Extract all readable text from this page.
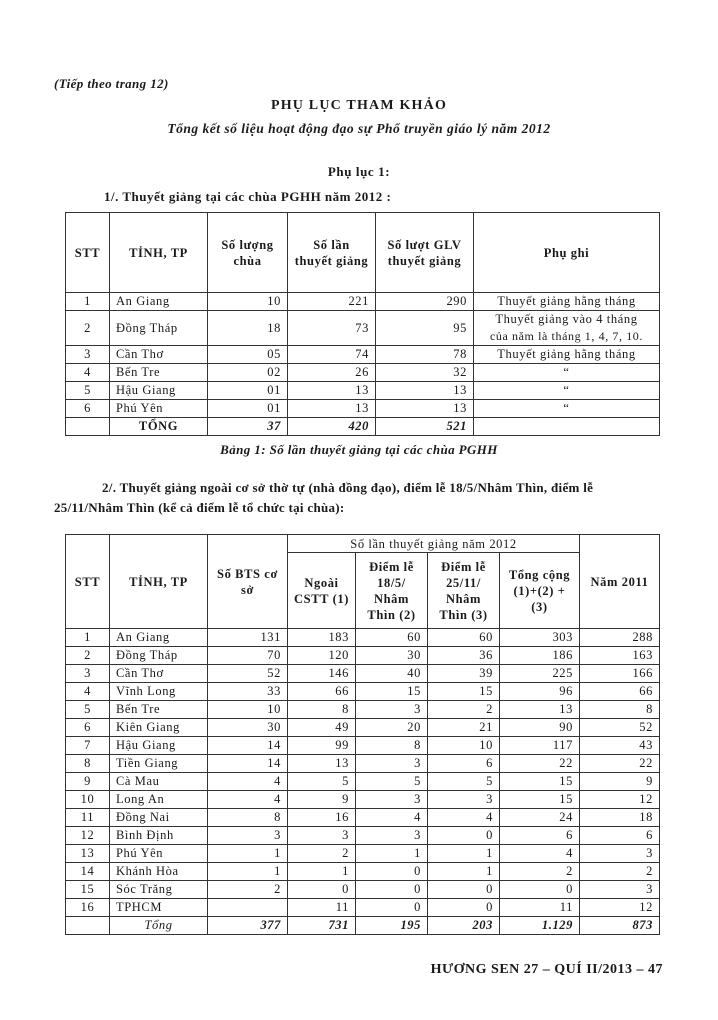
(Tiếp theo trang 12)
PHỤ LỤC THAM KHẢO
Tổng kết số liệu hoạt động đạo sự Phổ truyền giáo lý năm 2012
Phụ lục 1:
1/. Thuyết giảng tại các chùa PGHH năm 2012 :
STT	TỈNH, TP	Số lượng chùa	Số lần thuyết giảng	Số lượt GLV thuyết giảng	Phụ ghi
1	An Giang	10	221	290	Thuyết giảng hằng tháng

2	Đồng Tháp	18	73	95	Thuyết giảng vào 4 tháng
của năm là tháng 1, 4, 7, 10.

3	Cần Thơ	05	74	78	Thuyết giảng hằng tháng

4	Bến Tre	02	26	32	“

5	Hậu Giang	01	13	13	“

6	Phú Yên	01	13	13	“

	TỔNG	37	420	521	
Bảng 1: Số lần thuyết giảng tại các chùa PGHH
2/. Thuyết giảng ngoài cơ sở thờ tự (nhà đồng đạo), điểm lễ 18/5/Nhâm Thìn, điểm lễ 25/11/Nhâm Thìn (kể cả điểm lễ tổ chức tại chùa):
STT	TỈNH, TP	Số BTS cơ sở	Số lần thuyết giảng năm 2012				Năm 2011
			Ngoài CSTT (1)	Điểm lễ 18/5/ Nhâm Thìn (2)	Điểm lễ 25/11/ Nhâm Thìn (3)	Tổng cộng (1)+(2) +(3)	
1	An Giang	131	183	60	60	303	288
2	Đồng Tháp	70	120	30	36	186	163
3	Cần Thơ	52	146	40	39	225	166
4	Vĩnh Long	33	66	15	15	96	66
5	Bến Tre	10	8	3	2	13	8
6	Kiên Giang	30	49	20	21	90	52
7	Hậu Giang	14	99	8	10	117	43
8	Tiền Giang	14	13	3	6	22	22
9	Cà Mau	4	5	5	5	15	9
10	Long An	4	9	3	3	15	12
11	Đồng Nai	8	16	4	4	24	18
12	Bình Định	3	3	3	0	6	6
13	Phú Yên	1	2	1	1	4	3
14	Khánh Hòa	1	1	0	1	2	2
15	Sóc Trăng	2	0	0	0	0	3
16	TPHCM		11	0	0	11	12
	Tổng	377	731	195	203	1.129	873
HƯƠNG SEN 27 – QUÍ II/2013 – 47
